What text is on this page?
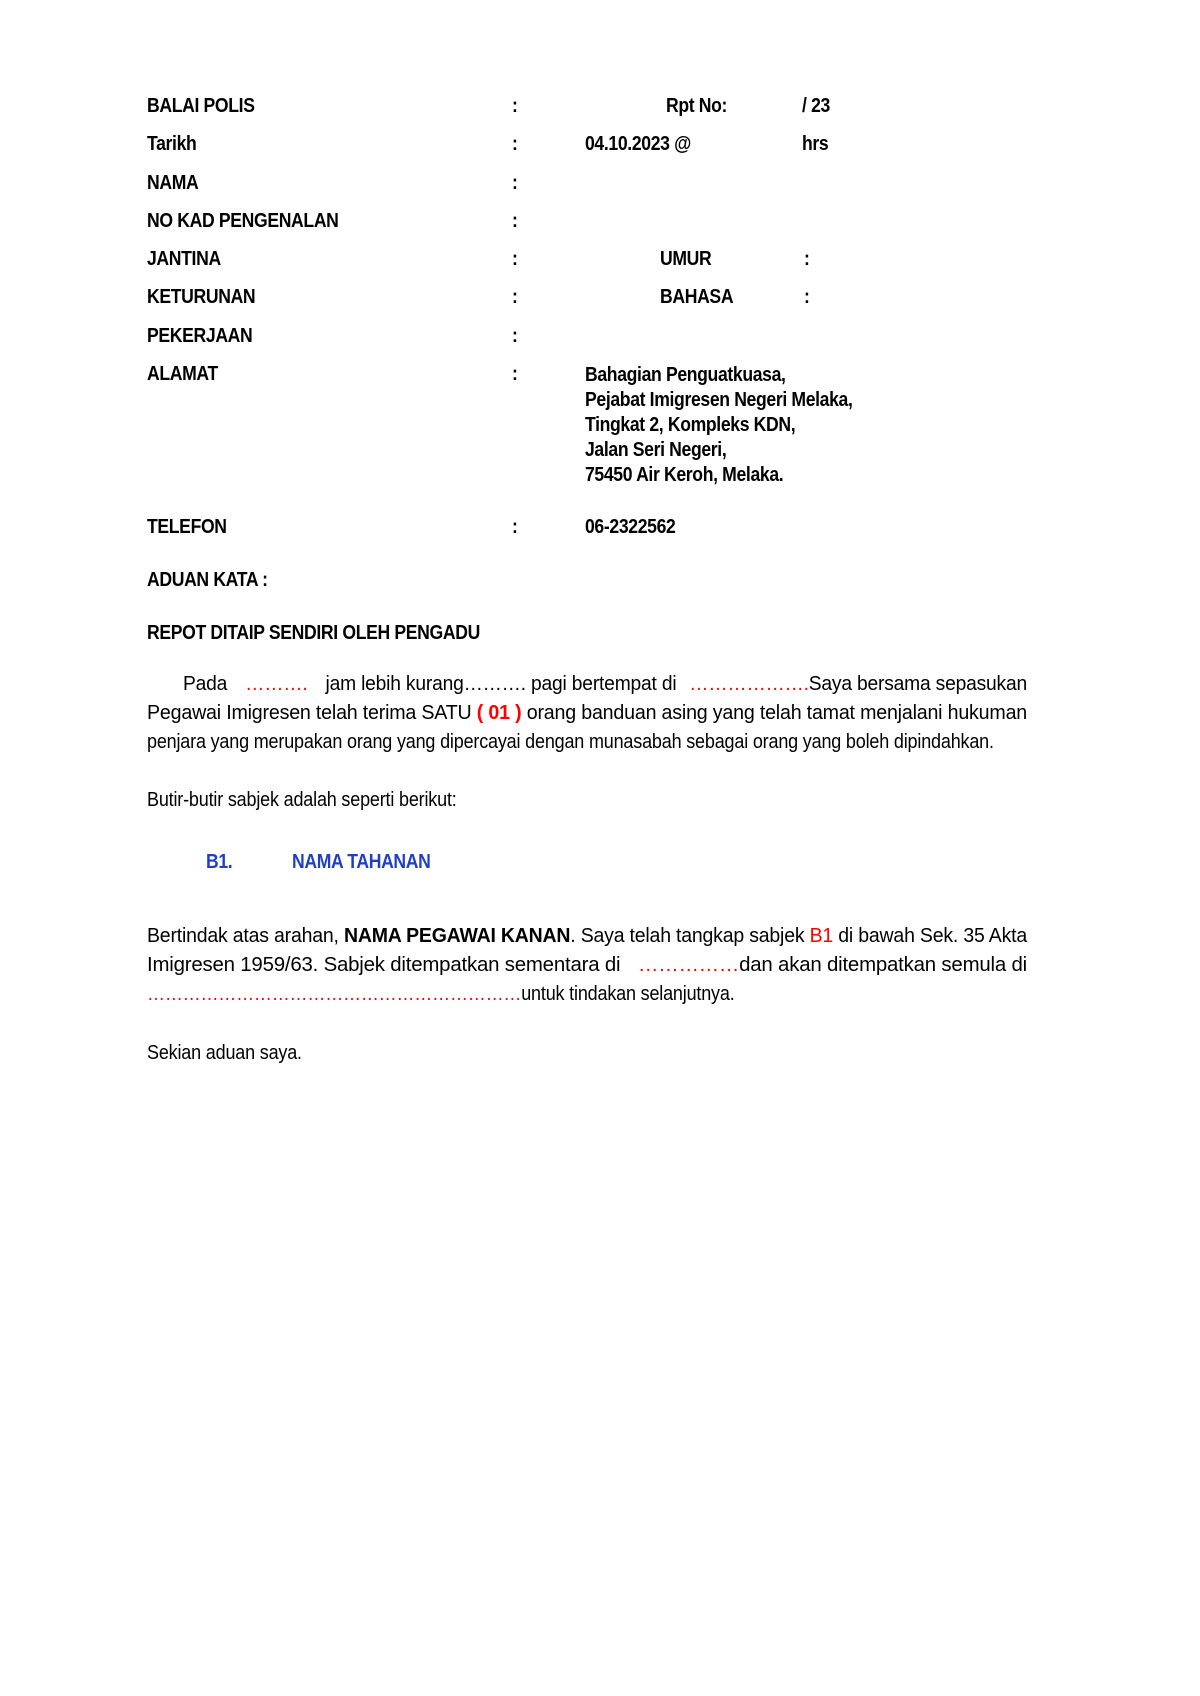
BALAI POLIS	:	Rpt No:	/ 23
Tarikh	:	04.10.2023 @	hrs
NAMA	:
NO KAD PENGENALAN	:
JANTINA	:	UMUR	:
KETURUNAN	:	BAHASA	:
PEKERJAAN	:
ALAMAT	:	Bahagian Penguatkuasa,
Pejabat Imigresen Negeri Melaka,
Tingkat 2, Kompleks KDN,
Jalan Seri Negeri,
75450 Air Keroh, Melaka.
TELEFON	:	06-2322562
ADUAN KATA :
REPOT DITAIP SENDIRI OLEH PENGADU
Pada ………. jam lebih kurang………. pagi bertempat di ……………….Saya bersama sepasukan
Pegawai Imigresen telah terima SATU ( 01 ) orang banduan asing yang telah tamat menjalani hukuman
penjara yang merupakan orang yang dipercayai dengan munasabah sebagai orang yang boleh dipindahkan.
Butir-butir sabjek adalah seperti berikut:
B1.	NAMA TAHANAN
Bertindak atas arahan, NAMA PEGAWAI KANAN. Saya telah tangkap sabjek B1 di bawah Sek. 35 Akta
Imigresen 1959/63. Sabjek ditempatkan sementara di ……………dan akan ditempatkan semula di
………………………………………………………untuk tindakan selanjutnya.
Sekian aduan saya.
